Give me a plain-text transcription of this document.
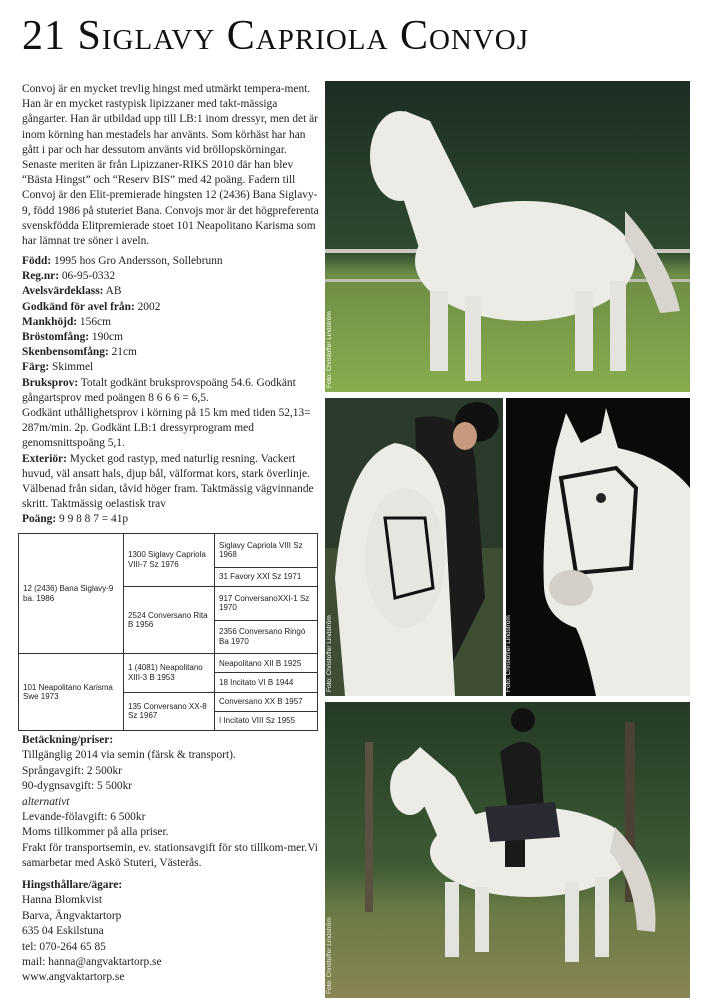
21 Siglavy Capriola Convoj

Convoj är en mycket trevlig hingst med utmärkt tempera-ment. Han är en mycket rastypisk lipizzaner med takt-mässiga gångarter. Han är utbildad upp till LB:1 inom dressyr, men det är inom körning han mestadels har använts. Som körhäst har han gått i par och har dessutom använts vid bröllopskörningar. Senaste meriten är från Lipizzaner-RIKS 2010 där han blev “Bästa Hingst” och “Reserv BIS” med 42 poäng. Fadern till Convoj är den Elit-premierade hingsten 12 (2436) Bana Siglavy-9, född 1986 på stuteriet Bana. Convojs mor är det högpreferenta svenskfödda Elitpremierade stoet 101 Neapolitano Karisma som har lämnat tre söner i aveln.

Född: 1995 hos Gro Andersson, Sollebrunn

Reg.nr: 06-95-0332

Avelsvärdeklass: AB

Godkänd för avel från: 2002

Mankhöjd: 156cm

Bröstomfång: 190cm

Skenbensomfång: 21cm

Färg: Skimmel

Bruksprov: Totalt godkänt bruksprovspoäng 54.6. Godkänt gångartsprov med poängen 8 6 6 6 = 6,5.

Godkänt uthållighetsprov i körning på 15 km med tiden 52,13= 287m/min. 2p. Godkänt LB:1 dressyrprogram med genomsnittspoäng 5,1.

Exteriör: Mycket god rastyp, med naturlig resning. Vackert huvud, väl ansatt hals, djup bål, välformat kors, stark överlinje. Välbenad från sidan, tåvid höger fram. Taktmässig vägvinnande skritt. Taktmässig oelastisk trav

Poäng: 9 9 8 8 7 = 41p

12 (2436) Bana Siglavy-9 ba. 1986	1300 Siglavy Capriola VIII-7 Sz 1976	Siglavy Capriola VIII Sz 1968
		31 Favory XXI Sz 1971
	2524 Conversano Rita B 1956	917 ConversanoXXI-1 Sz 1970
		2356 Conversano Ringó Ba 1970
101 Neapolitano Karisma Swe 1973	1 (4081) Neapolitano XIII-3 B 1953	Neapolitano XII B 1925
		18 Incitato VI B 1944
	135 Conversano XX-8 Sz 1967	Conversano XX B 1957
		I Incitato VIII Sz 1955

Betäckning/priser:

Tillgänglig 2014 via semin (färsk & transport).

Språngavgift: 2 500kr

90-dygnsavgift: 5 500kr

alternativt

Levande-fölavgift: 6 500kr

Moms tillkommer på alla priser.

Frakt för transportsemin, ev. stationsavgift för sto tillkom-mer.Vi samarbetar med Askö Stuteri, Västerås.

Hingsthållare/ägare:

Hanna Blomkvist

Barva, Ängvaktartorp

635 04 Eskilstuna

tel: 070-264 65 85

mail: hanna@angvaktartorp.se

www.angvaktartorp.se

Foto: Christoffer Lindström
Foto: Christoffer Lindström	Foto: Christoffer Lindström
Foto: Christoffer Lindström
